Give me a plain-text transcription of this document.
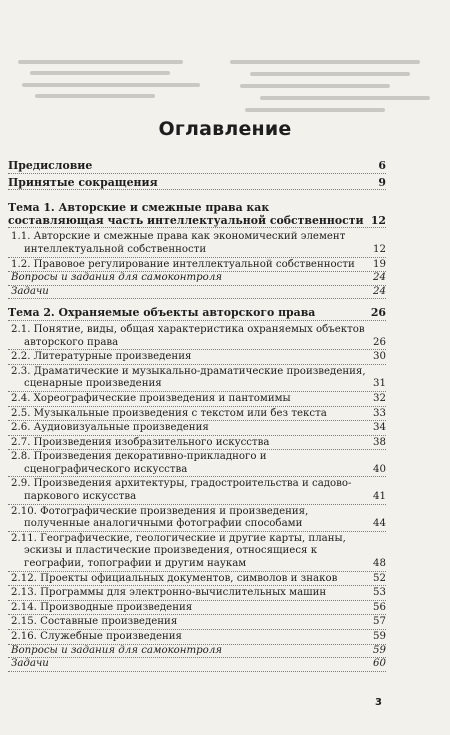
Оглавление
Предисловие	6
Принятые сокращения	9
Тема 1. Авторские и смежные права как составляющая часть интеллектуальной собственности 12
1.1. Авторские и смежные права как экономический элемент интеллектуальной собственности	12
1.2. Правовое регулирование интеллектуальной собственности 19
Вопросы и задания для самоконтроля	24
Задачи	24
Тема 2. Охраняемые объекты авторского права	26
2.1. Понятие, виды, общая характеристика охраняемых объектов авторского права	26
2.2. Литературные произведения	30
2.3. Драматические и музыкально-драматические произведения, сценарные произведения	31
2.4. Хореографические произведения и пантомимы	32
2.5. Музыкальные произведения с текстом или без текста	33
2.6. Аудиовизуальные произведения	34
2.7. Произведения изобразительного искусства	38
2.8. Произведения декоративно-прикладного и сценографического искусства	40
2.9. Произведения архитектуры, градостроительства и садово-паркового искусства	41
2.10. Фотографические произведения и произведения, полученные аналогичными фотографии способами	44
2.11. Географические, геологические и другие карты, планы, эскизы и пластические произведения, относящиеся к географии, топографии и другим наукам	48
2.12. Проекты официальных документов, символов и знаков	52
2.13. Программы для электронно-вычислительных машин	53
2.14. Производные произведения	56
2.15. Составные произведения	57
2.16. Служебные произведения	59
Вопросы и задания для самоконтроля	59
Задачи	60
3
